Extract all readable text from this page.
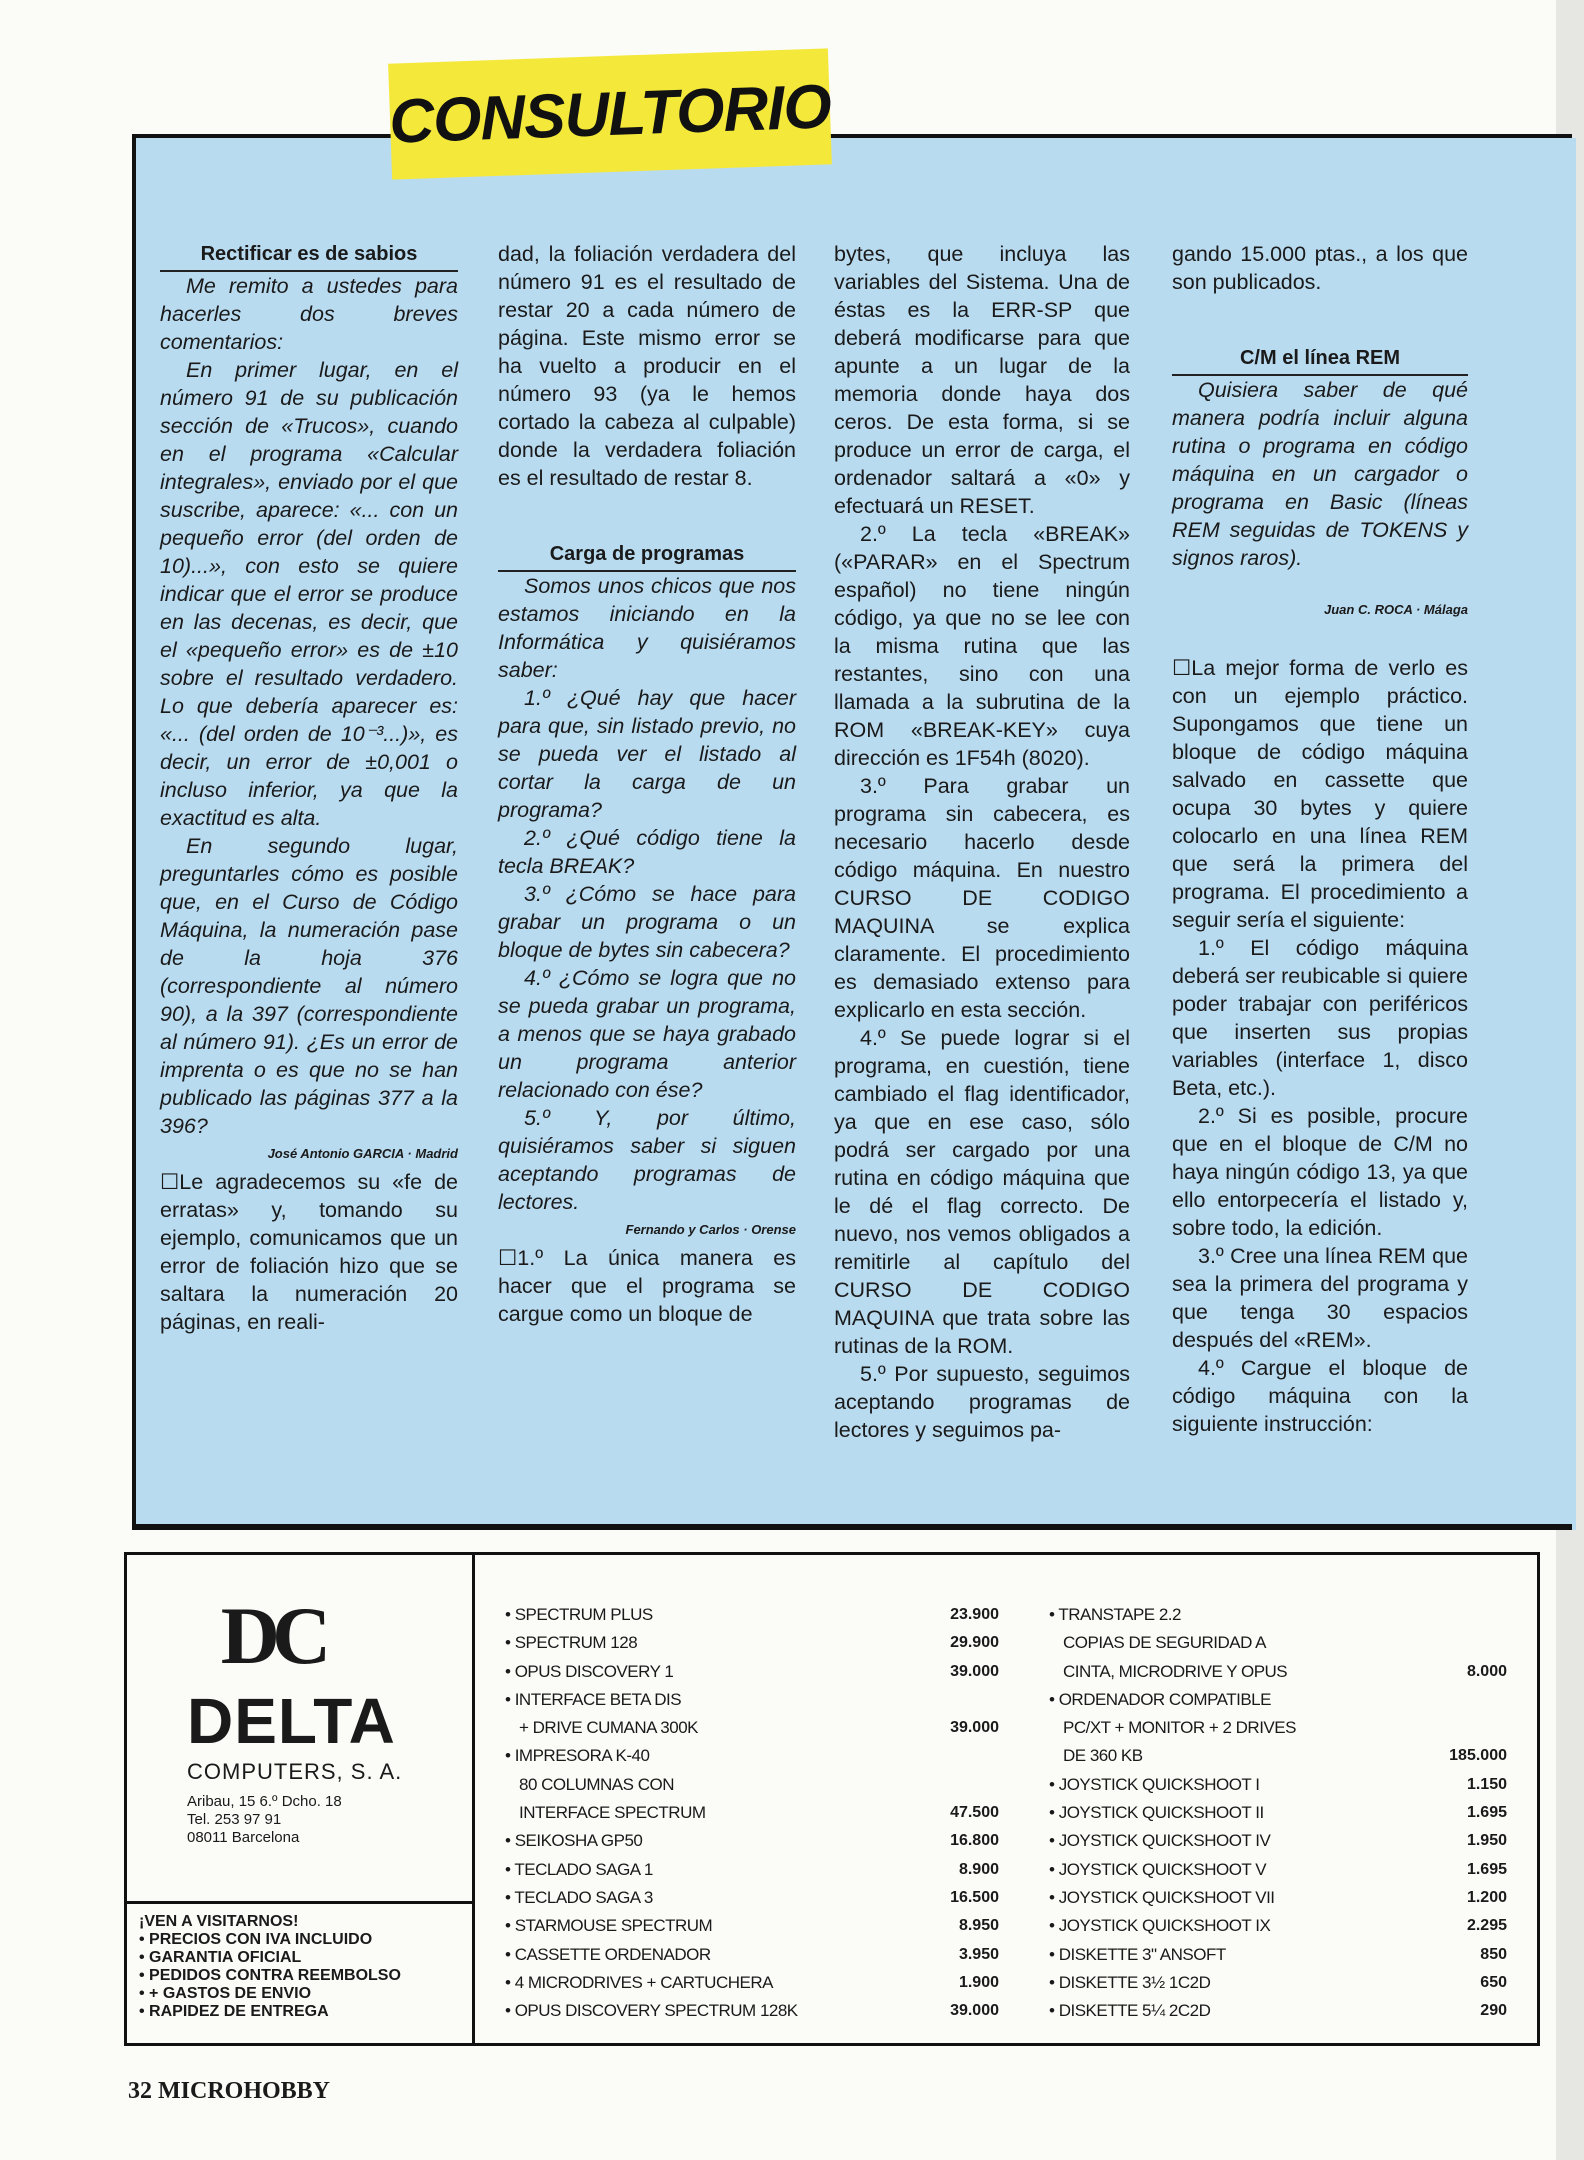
CONSULTORIO

Rectificar es de sabios

Me remito a ustedes para hacerles dos breves comentarios:

En primer lugar, en el número 91 de su publicación sección de «Trucos», cuando en el programa «Calcular integrales», enviado por el que suscribe, aparece: «... con un pequeño error (del orden de 10)...», con esto se quiere indicar que el error se produce en las decenas, es decir, que el «pequeño error» es de ±10 sobre el resultado verdadero. Lo que debería aparecer es: «... (del orden de 10⁻³...)», es decir, un error de ±0,001 o incluso inferior, ya que la exactitud es alta.

En segundo lugar, preguntarles cómo es posible que, en el Curso de Código Máquina, la numeración pase de la hoja 376 (correspondiente al número 90), a la 397 (correspondiente al número 91). ¿Es un error de imprenta o es que no se han publicado las páginas 377 a la 396?

José Antonio GARCIA · Madrid

☐Le agradecemos su «fe de erratas» y, tomando su ejemplo, comunicamos que un error de foliación hizo que se saltara la numeración 20 páginas, en reali-

dad, la foliación verdadera del número 91 es el resultado de restar 20 a cada número de página. Este mismo error se ha vuelto a producir en el número 93 (ya le hemos cortado la cabeza al culpable) donde la verdadera foliación es el resultado de restar 8.

Carga de programas

Somos unos chicos que nos estamos iniciando en la Informática y quisiéramos saber:

1.º ¿Qué hay que hacer para que, sin listado previo, no se pueda ver el listado al cortar la carga de un programa?

2.º ¿Qué código tiene la tecla BREAK?

3.º ¿Cómo se hace para grabar un programa o un bloque de bytes sin cabecera?

4.º ¿Cómo se logra que no se pueda grabar un programa, a menos que se haya grabado un programa anterior relacionado con ése?

5.º Y, por último, quisiéramos saber si siguen aceptando programas de lectores.

Fernando y Carlos · Orense

☐1.º La única manera es hacer que el programa se cargue como un bloque de

bytes, que incluya las variables del Sistema. Una de éstas es la ERR-SP que deberá modificarse para que apunte a un lugar de la memoria donde haya dos ceros. De esta forma, si se produce un error de carga, el ordenador saltará a «0» y efectuará un RESET.

2.º La tecla «BREAK» («PARAR» en el Spectrum español) no tiene ningún código, ya que no se lee con la misma rutina que las restantes, sino con una llamada a la subrutina de la ROM «BREAK-KEY» cuya dirección es 1F54h (8020).

3.º Para grabar un programa sin cabecera, es necesario hacerlo desde código máquina. En nuestro CURSO DE CODIGO MAQUINA se explica claramente. El procedimiento es demasiado extenso para explicarlo en esta sección.

4.º Se puede lograr si el programa, en cuestión, tiene cambiado el flag identificador, ya que en ese caso, sólo podrá ser cargado por una rutina en código máquina que le dé el flag correcto. De nuevo, nos vemos obligados a remitirle al capítulo del CURSO DE CODIGO MAQUINA que trata sobre las rutinas de la ROM.

5.º Por supuesto, seguimos aceptando programas de lectores y seguimos pa-

gando 15.000 ptas., a los que son publicados.

C/M el línea REM

Quisiera saber de qué manera podría incluir alguna rutina o programa en código máquina en un cargador o programa en Basic (líneas REM seguidas de TOKENS y signos raros).

Juan C. ROCA · Málaga

☐La mejor forma de verlo es con un ejemplo práctico. Supongamos que tiene un bloque de código máquina salvado en cassette que ocupa 30 bytes y quiere colocarlo en una línea REM que será la primera del programa. El procedimiento a seguir sería el siguiente:

1.º El código máquina deberá ser reubicable si quiere poder trabajar con periféricos que inserten sus propias variables (interface 1, disco Beta, etc.).

2.º Si es posible, procure que en el bloque de C/M no haya ningún código 13, ya que ello entorpecería el listado y, sobre todo, la edición.

3.º Cree una línea REM que sea la primera del programa y que tenga 30 espacios después del «REM».

4.º Cargue el bloque de código máquina con la siguiente instrucción:

DC
DELTA
COMPUTERS, S. A.
Aribau, 15 6.º Dcho. 18
Tel. 253 97 91
08011 Barcelona
¡VEN A VISITARNOS!
• PRECIOS CON IVA INCLUIDO
• GARANTIA OFICIAL
• PEDIDOS CONTRA REEMBOLSO
• + GASTOS DE ENVIO
• RAPIDEZ DE ENTREGA
• SPECTRUM PLUS	23.900
• SPECTRUM 128	29.900
• OPUS DISCOVERY 1	39.000
• INTERFACE BETA DIS
+ DRIVE CUMANA 300K	39.000
• IMPRESORA K-40
80 COLUMNAS CON
INTERFACE SPECTRUM	47.500
• SEIKOSHA GP50	16.800
• TECLADO SAGA 1	8.900
• TECLADO SAGA 3	16.500
• STARMOUSE SPECTRUM	8.950
• CASSETTE ORDENADOR	3.950
• 4 MICRODRIVES + CARTUCHERA	1.900
• OPUS DISCOVERY SPECTRUM 128K	39.000
• TRANSTAPE 2.2
COPIAS DE SEGURIDAD A
CINTA, MICRODRIVE Y OPUS	8.000
• ORDENADOR COMPATIBLE
PC/XT + MONITOR + 2 DRIVES
DE 360 KB	185.000
• JOYSTICK QUICKSHOOT I	1.150
• JOYSTICK QUICKSHOOT II	1.695
• JOYSTICK QUICKSHOOT IV	1.950
• JOYSTICK QUICKSHOOT V	1.695
• JOYSTICK QUICKSHOOT VII	1.200
• JOYSTICK QUICKSHOOT IX	2.295
• DISKETTE 3" ANSOFT	850
• DISKETTE 3½ 1C2D	650
• DISKETTE 5¼ 2C2D	290
32 MICROHOBBY
